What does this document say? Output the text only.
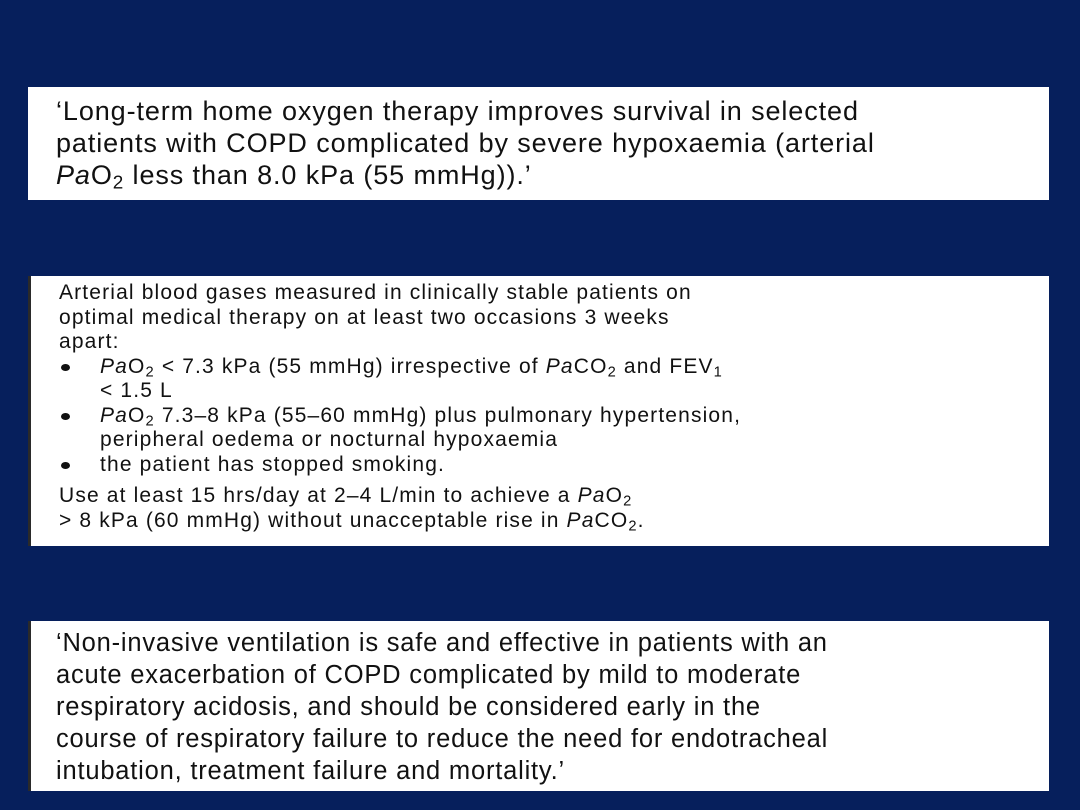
‘Long-term home oxygen therapy improves survival in selected

patients with COPD complicated by severe hypoxaemia (arterial

PaO$_2$ less than 8.0 kPa (55 mmHg)).’

Arterial blood gases measured in clinically stable patients on

optimal medical therapy on at least two occasions 3 weeks

apart:

PaO$_2$ < 7.3 kPa (55 mmHg) irrespective of PaCO$_2$ and $FEV_1$

< 1.5 L

PaO$_2$ 7.3–8 kPa (55–60 mmHg) plus pulmonary hypertension,

peripheral oedema or nocturnal hypoxaemia

the patient has stopped smoking.

Use at least 15 hrs/day at 2–4 L/min to achieve a PaO$_2$

> 8 kPa (60 mmHg) without unacceptable rise in PaCO$_2$.

‘Non-invasive ventilation is safe and effective in patients with an

acute exacerbation of COPD complicated by mild to moderate

respiratory acidosis, and should be considered early in the

course of respiratory failure to reduce the need for endotracheal

intubation, treatment failure and mortality.’
